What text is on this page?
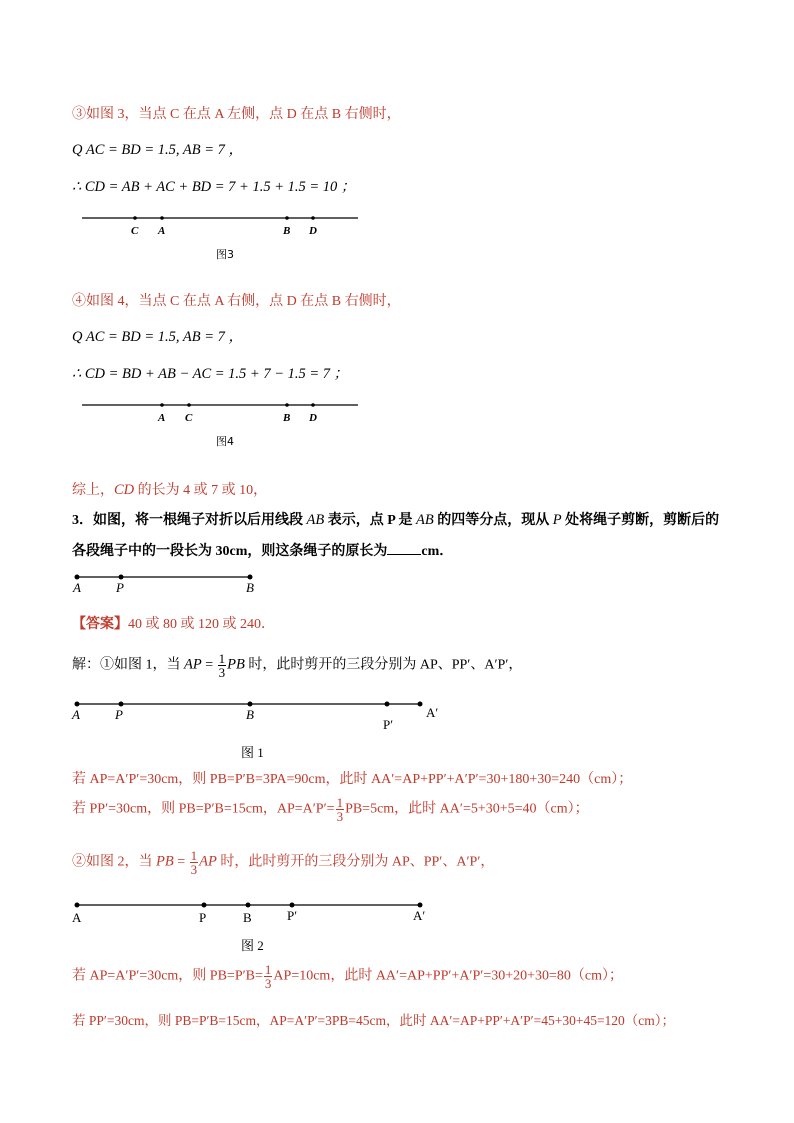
③如图 3，当点 C 在点 A 左侧，点 D 在点 B 右侧时，
Q AC = BD = 1.5, AB = 7 ，
∴ CD = AB + AC + BD = 7 + 1.5 + 1.5 = 10 ；
C A	B D
图3
④如图 4，当点 C 在点 A 右侧，点 D 在点 B 右侧时，
Q AC = BD = 1.5, AB = 7 ，
∴ CD = BD + AB − AC = 1.5 + 7 − 1.5 = 7 ；
A C	B D
图4
综上，CD 的长为 4 或 7 或 10，
3．如图，将一根绳子对折以后用线段 AB 表示，点 P 是 AB 的四等分点，现从 P 处将绳子剪断，剪断后的
各段绳子中的一段长为 30cm，则这条绳子的原长为 cm．
A	P	B
【答案】40 或 80 或 120 或 240．
解：①如图 1，当 AP = $\frac{1}{3}$ PB 时，此时剪开的三段分别为 AP、PP′、A′P′，
A	P	B
P′
A′
图 1
若 AP=A′P′=30cm，则 PB=P′B=3PA=90cm，此时 AA′=AP+PP′+A′P′=30+180+30=240（cm）；
若 PP′=30cm，则 PB=P′B=15cm，$AP=A'P'= \frac{1}{3} PB=5cm$，此时 AA′=5+30+5=40（cm）；
②如图 2，当 PB = $\frac{1}{3}$ AP 时，此时剪开的三段分别为 AP、PP′、A′P′，
A	P	B	P′	A′
图 2
若 AP=A′P′=30cm，则 $PB=P'B= \frac{1}{3} AP=10cm$，此时 AA′=AP+PP′+A′P′=30+20+30=80（cm）；
若 PP′=30cm，则 PB=P′B=15cm，AP=A′P′=3PB=45cm，此时 AA′=AP+PP′+A′P′=45+30+45=120（cm）；
